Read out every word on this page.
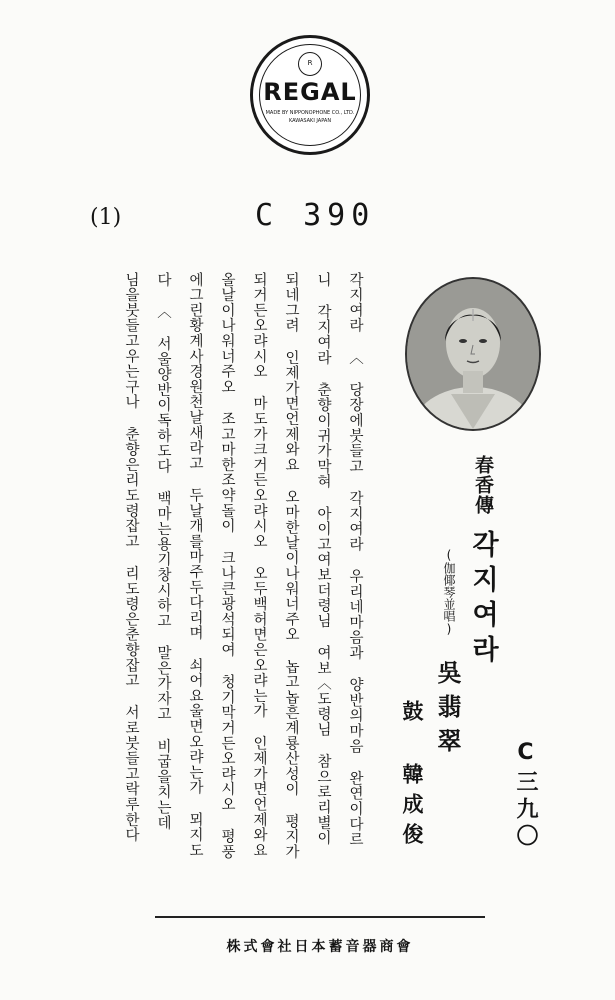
R
REGAL
MADE BY NIPPONOPHONE CO., LTD.
KAWASAKI JAPAN
(1)	C 390
각지여라 〈 당장에붓들고 각지여라 우리네마음과 양반의마음 완연이다르
니 각지여라 춘향이귀가막혀 아이고여보더령님 여보〈도령님 참으로리별이
되네그려 인제가면언제와요 오마한날이나워너주오 놉고놉흔계룡산성이 평지가
되거든오랴시오 마도가크거든오랴시오 오두백허면은오랴는가 인제가면언제와요
올날이나워너주오 조고마한조약돌이 크나큰광석되여 청기막거든오랴시오 평풍
에그린황계사경원천날새라고 두날개를마주두다리며 쇠어요울면오랴는가 뫼지도
다 〈 서울양반이독하도다 백마는용기창시하고 말은가자고 비굽을치는데
님을붓들고우는구나 춘향은리도령잡고 리도령은춘향잡고 서로붓들고락루한다	春香傳
각지여라
(伽倻琴並唱)
吳翡翠
鼓 韓成俊	C三九〇
株式會社日本蓄音器商會
